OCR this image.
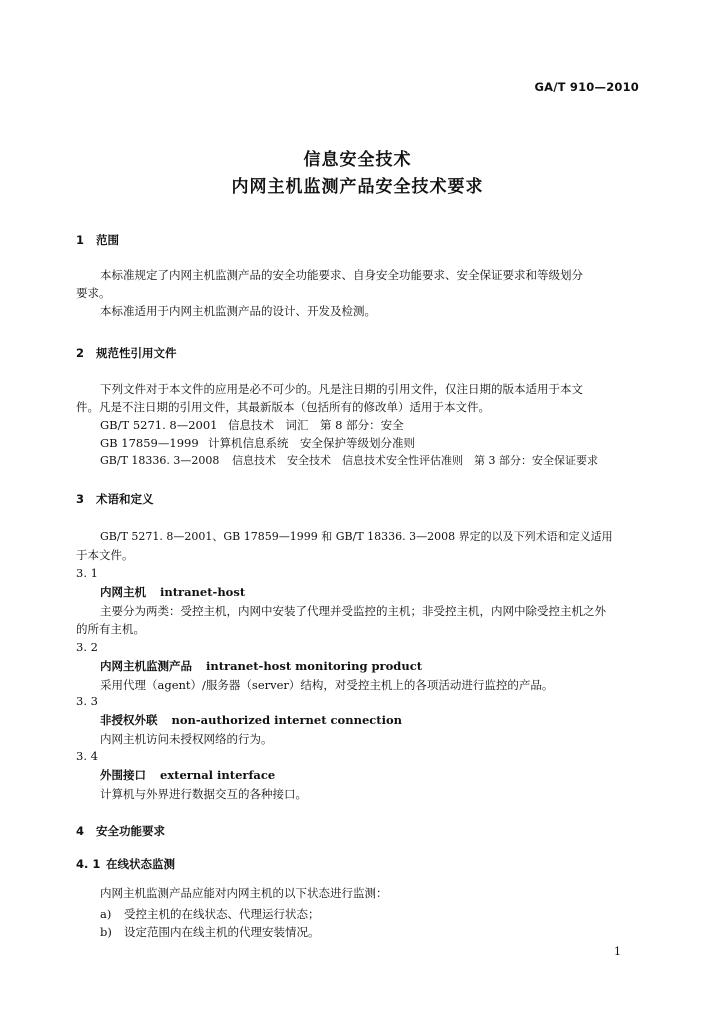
GA/T 910—2010
信息安全技术
内网主机监测产品安全技术要求
1 范围
本标准规定了内网主机监测产品的安全功能要求、自身安全功能要求、安全保证要求和等级划分
要求。
本标准适用于内网主机监测产品的设计、开发及检测。
2 规范性引用文件
下列文件对于本文件的应用是必不可少的。凡是注日期的引用文件，仅注日期的版本适用于本文
件。凡是不注日期的引用文件，其最新版本（包括所有的修改单）适用于本文件。
GB/T 5271. 8—2001 信息技术　词汇　第 8 部分：安全
GB 17859—1999 计算机信息系统　安全保护等级划分准则
GB/T 18336. 3—2008 信息技术　安全技术　信息技术安全性评估准则　第 3 部分：安全保证要求
3 术语和定义
GB/T 5271. 8—2001、GB 17859—1999 和 GB/T 18336. 3—2008 界定的以及下列术语和定义适用
于本文件。
3. 1
内网主机 intranet-host
主要分为两类：受控主机，内网中安装了代理并受监控的主机；非受控主机，内网中除受控主机之外
的所有主机。
3. 2
内网主机监测产品 intranet-host monitoring product
采用代理（agent）/服务器（server）结构，对受控主机上的各项活动进行监控的产品。
3. 3
非授权外联 non-authorized internet connection
内网主机访问未授权网络的行为。
3. 4
外围接口 external interface
计算机与外界进行数据交互的各种接口。
4 安全功能要求
4. 1 在线状态监测
内网主机监测产品应能对内网主机的以下状态进行监测：
a) 受控主机的在线状态、代理运行状态；
b) 设定范围内在线主机的代理安装情况。
1
